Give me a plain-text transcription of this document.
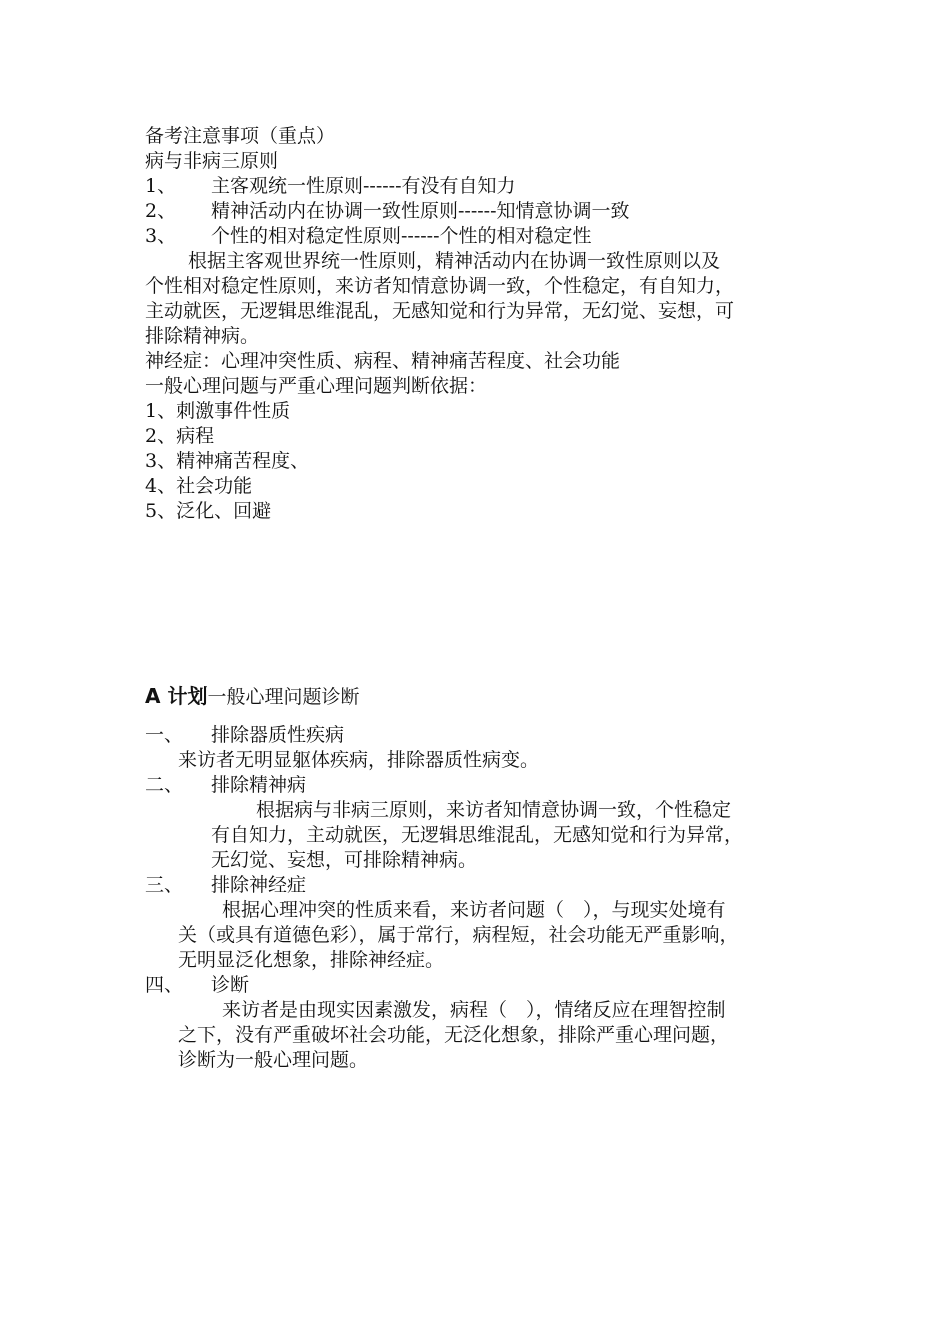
备考注意事项（重点）
病与非病三原则
1、 主客观统一性原则------有没有自知力
2、 精神活动内在协调一致性原则------知情意协调一致
3、 个性的相对稳定性原则------个性的相对稳定性
根据主客观世界统一性原则，精神活动内在协调一致性原则以及
个性相对稳定性原则，来访者知情意协调一致，个性稳定，有自知力，
主动就医，无逻辑思维混乱，无感知觉和行为异常，无幻觉、妄想，可
排除精神病。
神经症：心理冲突性质、病程、精神痛苦程度、社会功能
一般心理问题与严重心理问题判断依据：
1、刺激事件性质
2、病程
3、精神痛苦程度、
4、社会功能
5、泛化、回避
A 计划一般心理问题诊断
一、 排除器质性疾病
来访者无明显躯体疾病，排除器质性病变。
二、 排除精神病
根据病与非病三原则，来访者知情意协调一致，个性稳定
有自知力，主动就医，无逻辑思维混乱，无感知觉和行为异常，
无幻觉、妄想，可排除精神病。
三、 排除神经症
根据心理冲突的性质来看，来访者问题（　），与现实处境有
关（或具有道德色彩），属于常行，病程短，社会功能无严重影响，
无明显泛化想象，排除神经症。
四、 诊断
来访者是由现实因素激发，病程（　），情绪反应在理智控制
之下，没有严重破坏社会功能，无泛化想象，排除严重心理问题，
诊断为一般心理问题。
